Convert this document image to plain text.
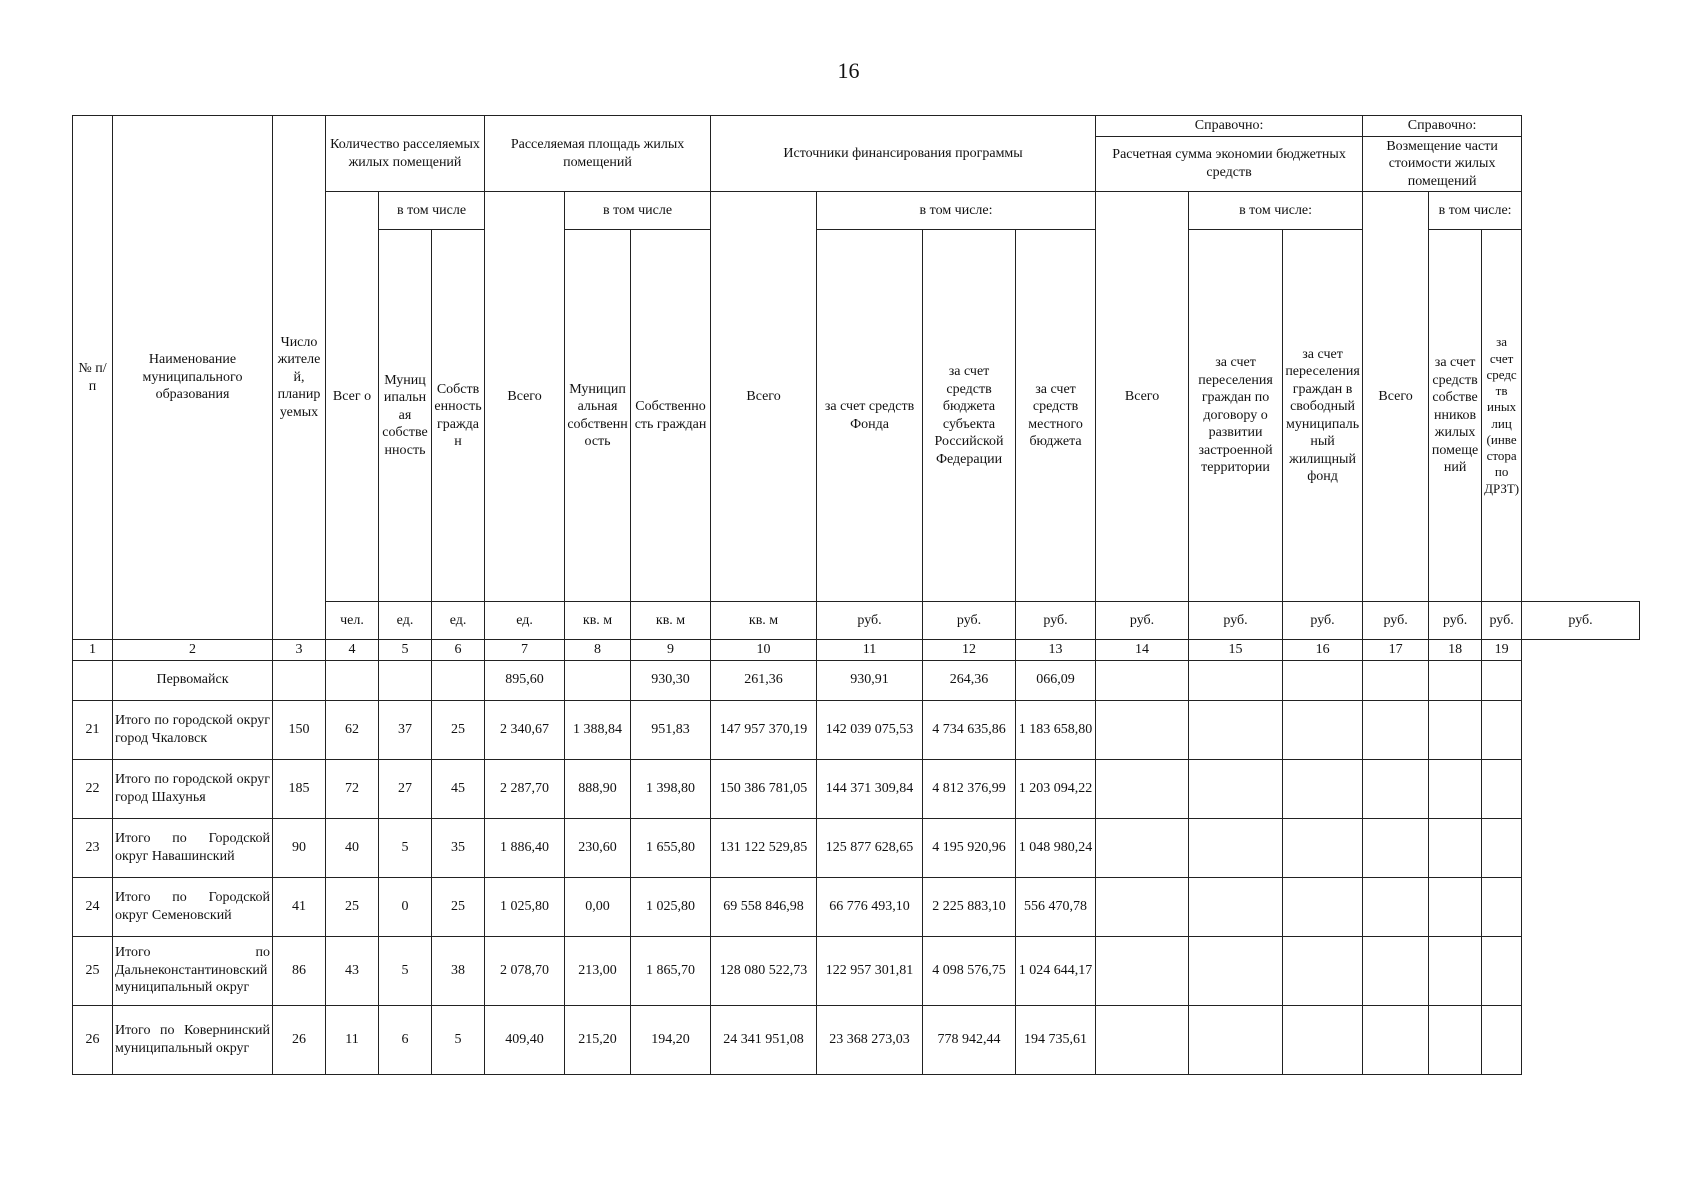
16
№ п/п	Наименование муниципального образования	Число жителей, планируемых	Количество расселяемых жилых помещений			Расселяемая площадь жилых помещений			Источники финансирования программы				Справочно:			Справочно:			
													Расчетная сумма экономии бюджетных средств			Возмещение части стоимости жилых помещений			
			Всег о	в том числе		Всего	в том числе		Всего	в том числе:			Всего	в том числе:		Всего	в том числе:		
				Муниципальная собственность	Собственность граждан		Муниципальная собственность	Собственность граждан		за счет средств Фонда	за счет средств бюджета субъекта Российской Федерации	за счет средств местного бюджета		за счет переселения граждан по договору о развитии застроенной территории	за счет переселения граждан в свободный муниципальный жилищный фонд		за счет средств собственников жилых помещений	за счет средств иных лиц (инвестора по ДРЗТ)	
			чел.	ед.	ед.	ед.	кв. м	кв. м	кв. м	руб.	руб.	руб.	руб.	руб.	руб.	руб.	руб.	руб.	руб.
1	2	3	4	5	6	7	8	9	10	11	12	13	14	15	16	17	18	19	
	Первомайск					895,60		930,30	261,36	930,91	264,36	066,09							
21	Итого по городской округ город Чкаловск	150	62	37	25	2 340,67	1 388,84	951,83	147 957 370,19	142 039 075,53	4 734 635,86	1 183 658,80							
22	Итого по городской округ город Шахунья	185	72	27	45	2 287,70	888,90	1 398,80	150 386 781,05	144 371 309,84	4 812 376,99	1 203 094,22							
23	Итого по Городской округ Навашинский	90	40	5	35	1 886,40	230,60	1 655,80	131 122 529,85	125 877 628,65	4 195 920,96	1 048 980,24							
24	Итого по Городской округ Семеновский	41	25	0	25	1 025,80	0,00	1 025,80	69 558 846,98	66 776 493,10	2 225 883,10	556 470,78							
25	Итого по Дальнеконстантиновский муниципальный округ	86	43	5	38	2 078,70	213,00	1 865,70	128 080 522,73	122 957 301,81	4 098 576,75	1 024 644,17							
26	Итого по Ковернинский муниципальный округ	26	11	6	5	409,40	215,20	194,20	24 341 951,08	23 368 273,03	778 942,44	194 735,61							
